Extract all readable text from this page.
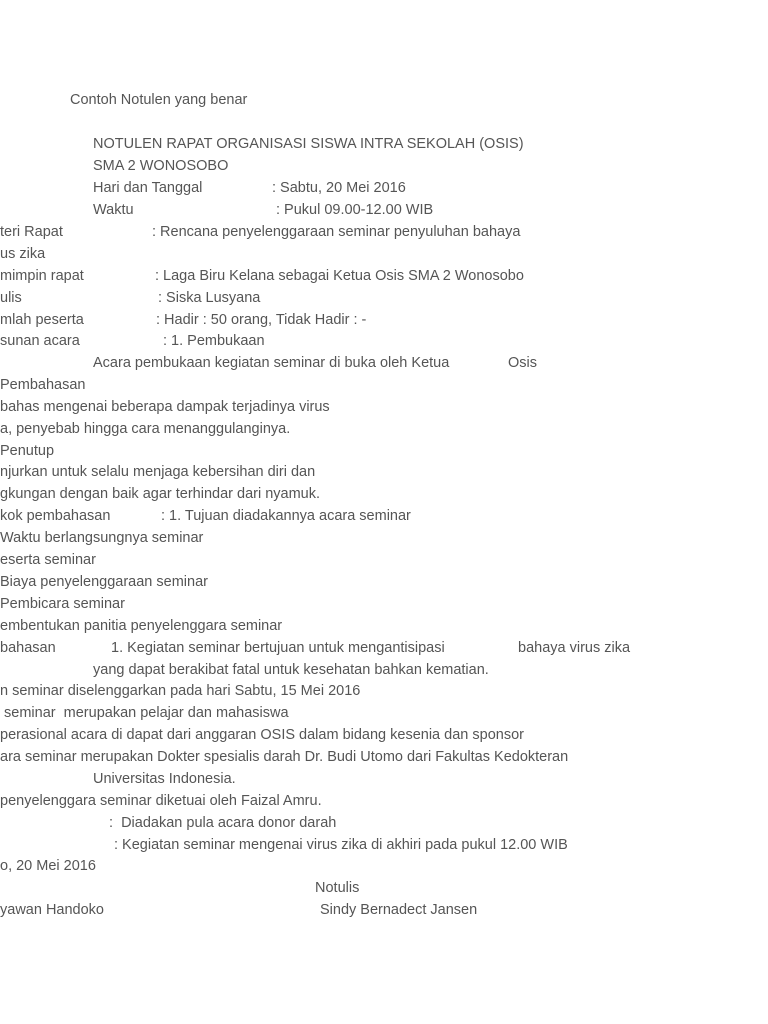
Contoh Notulen yang benar
NOTULEN RAPAT ORGANISASI SISWA INTRA SEKOLAH (OSIS)
SMA 2 WONOSOBO
Hari dan Tanggal	: Sabtu, 20 Mei 2016
Waktu	: Pukul 09.00-12.00 WIB
teri Rapat	: Rencana penyelenggaraan seminar penyuluhan bahaya
us zika
mimpin rapat	: Laga Biru Kelana sebagai Ketua Osis SMA 2 Wonosobo
ulis	: Siska Lusyana
mlah peserta	: Hadir : 50 orang, Tidak Hadir : -
sunan acara	: 1. Pembukaan
Acara pembukaan kegiatan seminar di buka oleh Ketua	Osis
Pembahasan
bahas mengenai beberapa dampak terjadinya virus
a, penyebab hingga cara menanggulanginya.
Penutup
njurkan untuk selalu menjaga kebersihan diri dan
gkungan dengan baik agar terhindar dari nyamuk.
kok pembahasan	: 1. Tujuan diadakannya acara seminar
Waktu berlangsungnya seminar
eserta seminar
Biaya penyelenggaraan seminar
Pembicara seminar
embentukan panitia penyelenggara seminar
bahasan	1. Kegiatan seminar bertujuan untuk mengantisipasi	bahaya virus zika
yang dapat berakibat fatal untuk kesehatan bahkan kematian.
n seminar diselenggarkan pada hari Sabtu, 15 Mei 2016
seminar  merupakan pelajar dan mahasiswa
perasional acara di dapat dari anggaran OSIS dalam bidang kesenia dan sponsor
ara seminar merupakan Dokter spesialis darah Dr. Budi Utomo dari Fakultas Kedokteran
Universitas Indonesia.
penyelenggara seminar diketuai oleh Faizal Amru.
:  Diadakan pula acara donor darah
: Kegiatan seminar mengenai virus zika di akhiri pada pukul 12.00 WIB
o, 20 Mei 2016
Notulis
yawan Handoko	Sindy Bernadect Jansen
